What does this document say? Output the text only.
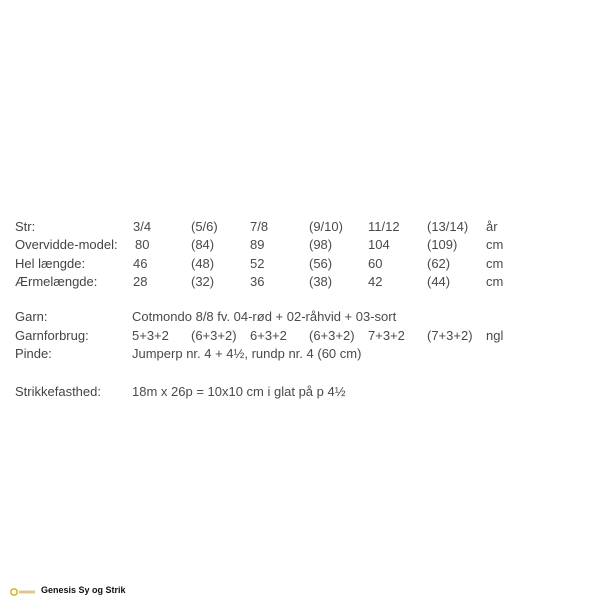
Str:	3/4	(5/6) 7/8	(9/10) 11/12 (13/14) år
Overvidde-model: 80	(84)	89	(98)	104	(109) cm
Hel længde:	46	(48)	52	(56)	60	(62)	cm
Ærmelængde:	28	(32)	36	(38)	42	(44)	cm
Garn:	Cotmondo 8/8 fv. 04-rød + 02-råhvid + 03-sort
Garnforbrug:	5+3+2 (6+3+2) 6+3+2 (6+3+2) 7+3+2 (7+3+2) ngl
Pinde:	Jumperp nr. 4 + 4½, rundp nr. 4 (60 cm)
Strikkefasthed: 18m x 26p = 10x10 cm i glat på p 4½
Genesis Sy og Strik
